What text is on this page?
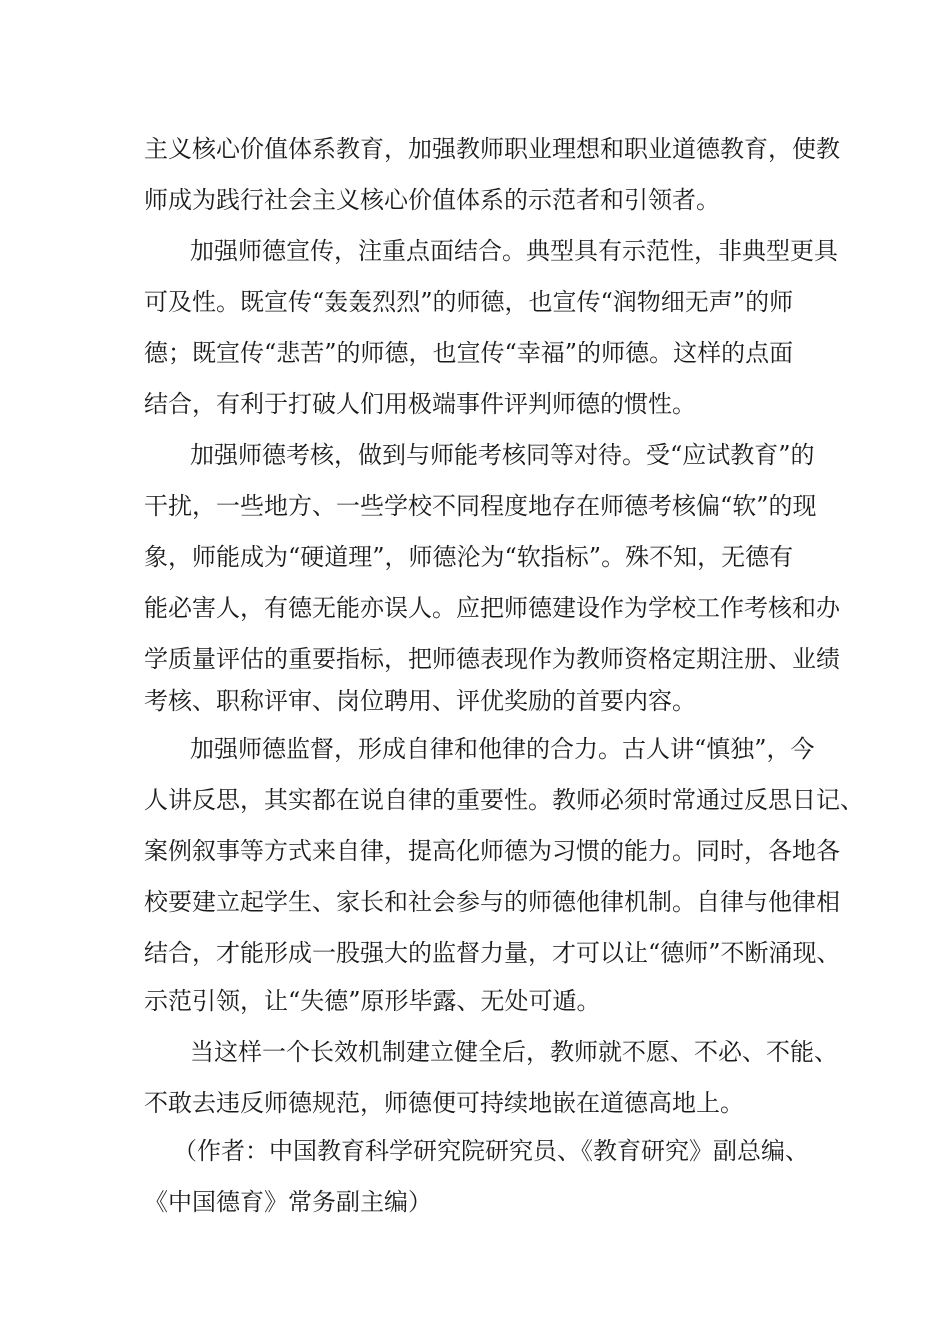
主义核心价值体系教育，加强教师职业理想和职业道德教育，使教
师成为践行社会主义核心价值体系的示范者和引领者。
加强师德宣传，注重点面结合。典型具有示范性，非典型更具
可及性。既宣传“轰轰烈烈”的师德，也宣传“润物细无声”的师
德；既宣传“悲苦”的师德，也宣传“幸福”的师德。这样的点面
结合，有利于打破人们用极端事件评判师德的惯性。
加强师德考核，做到与师能考核同等对待。受“应试教育”的
干扰，一些地方、一些学校不同程度地存在师德考核偏“软”的现
象，师能成为“硬道理”，师德沦为“软指标”。殊不知，无德有
能必害人，有德无能亦误人。应把师德建设作为学校工作考核和办
学质量评估的重要指标，把师德表现作为教师资格定期注册、业绩
考核、职称评审、岗位聘用、评优奖励的首要内容。
加强师德监督，形成自律和他律的合力。古人讲“慎独”，今
人讲反思，其实都在说自律的重要性。教师必须时常通过反思日记、
案例叙事等方式来自律，提高化师德为习惯的能力。同时，各地各
校要建立起学生、家长和社会参与的师德他律机制。自律与他律相
结合，才能形成一股强大的监督力量，才可以让“德师”不断涌现、
示范引领，让“失德”原形毕露、无处可遁。
当这样一个长效机制建立健全后，教师就不愿、不必、不能、
不敢去违反师德规范，师德便可持续地嵌在道德高地上。
（作者：中国教育科学研究院研究员、《教育研究》副总编、
《中国德育》常务副主编）
